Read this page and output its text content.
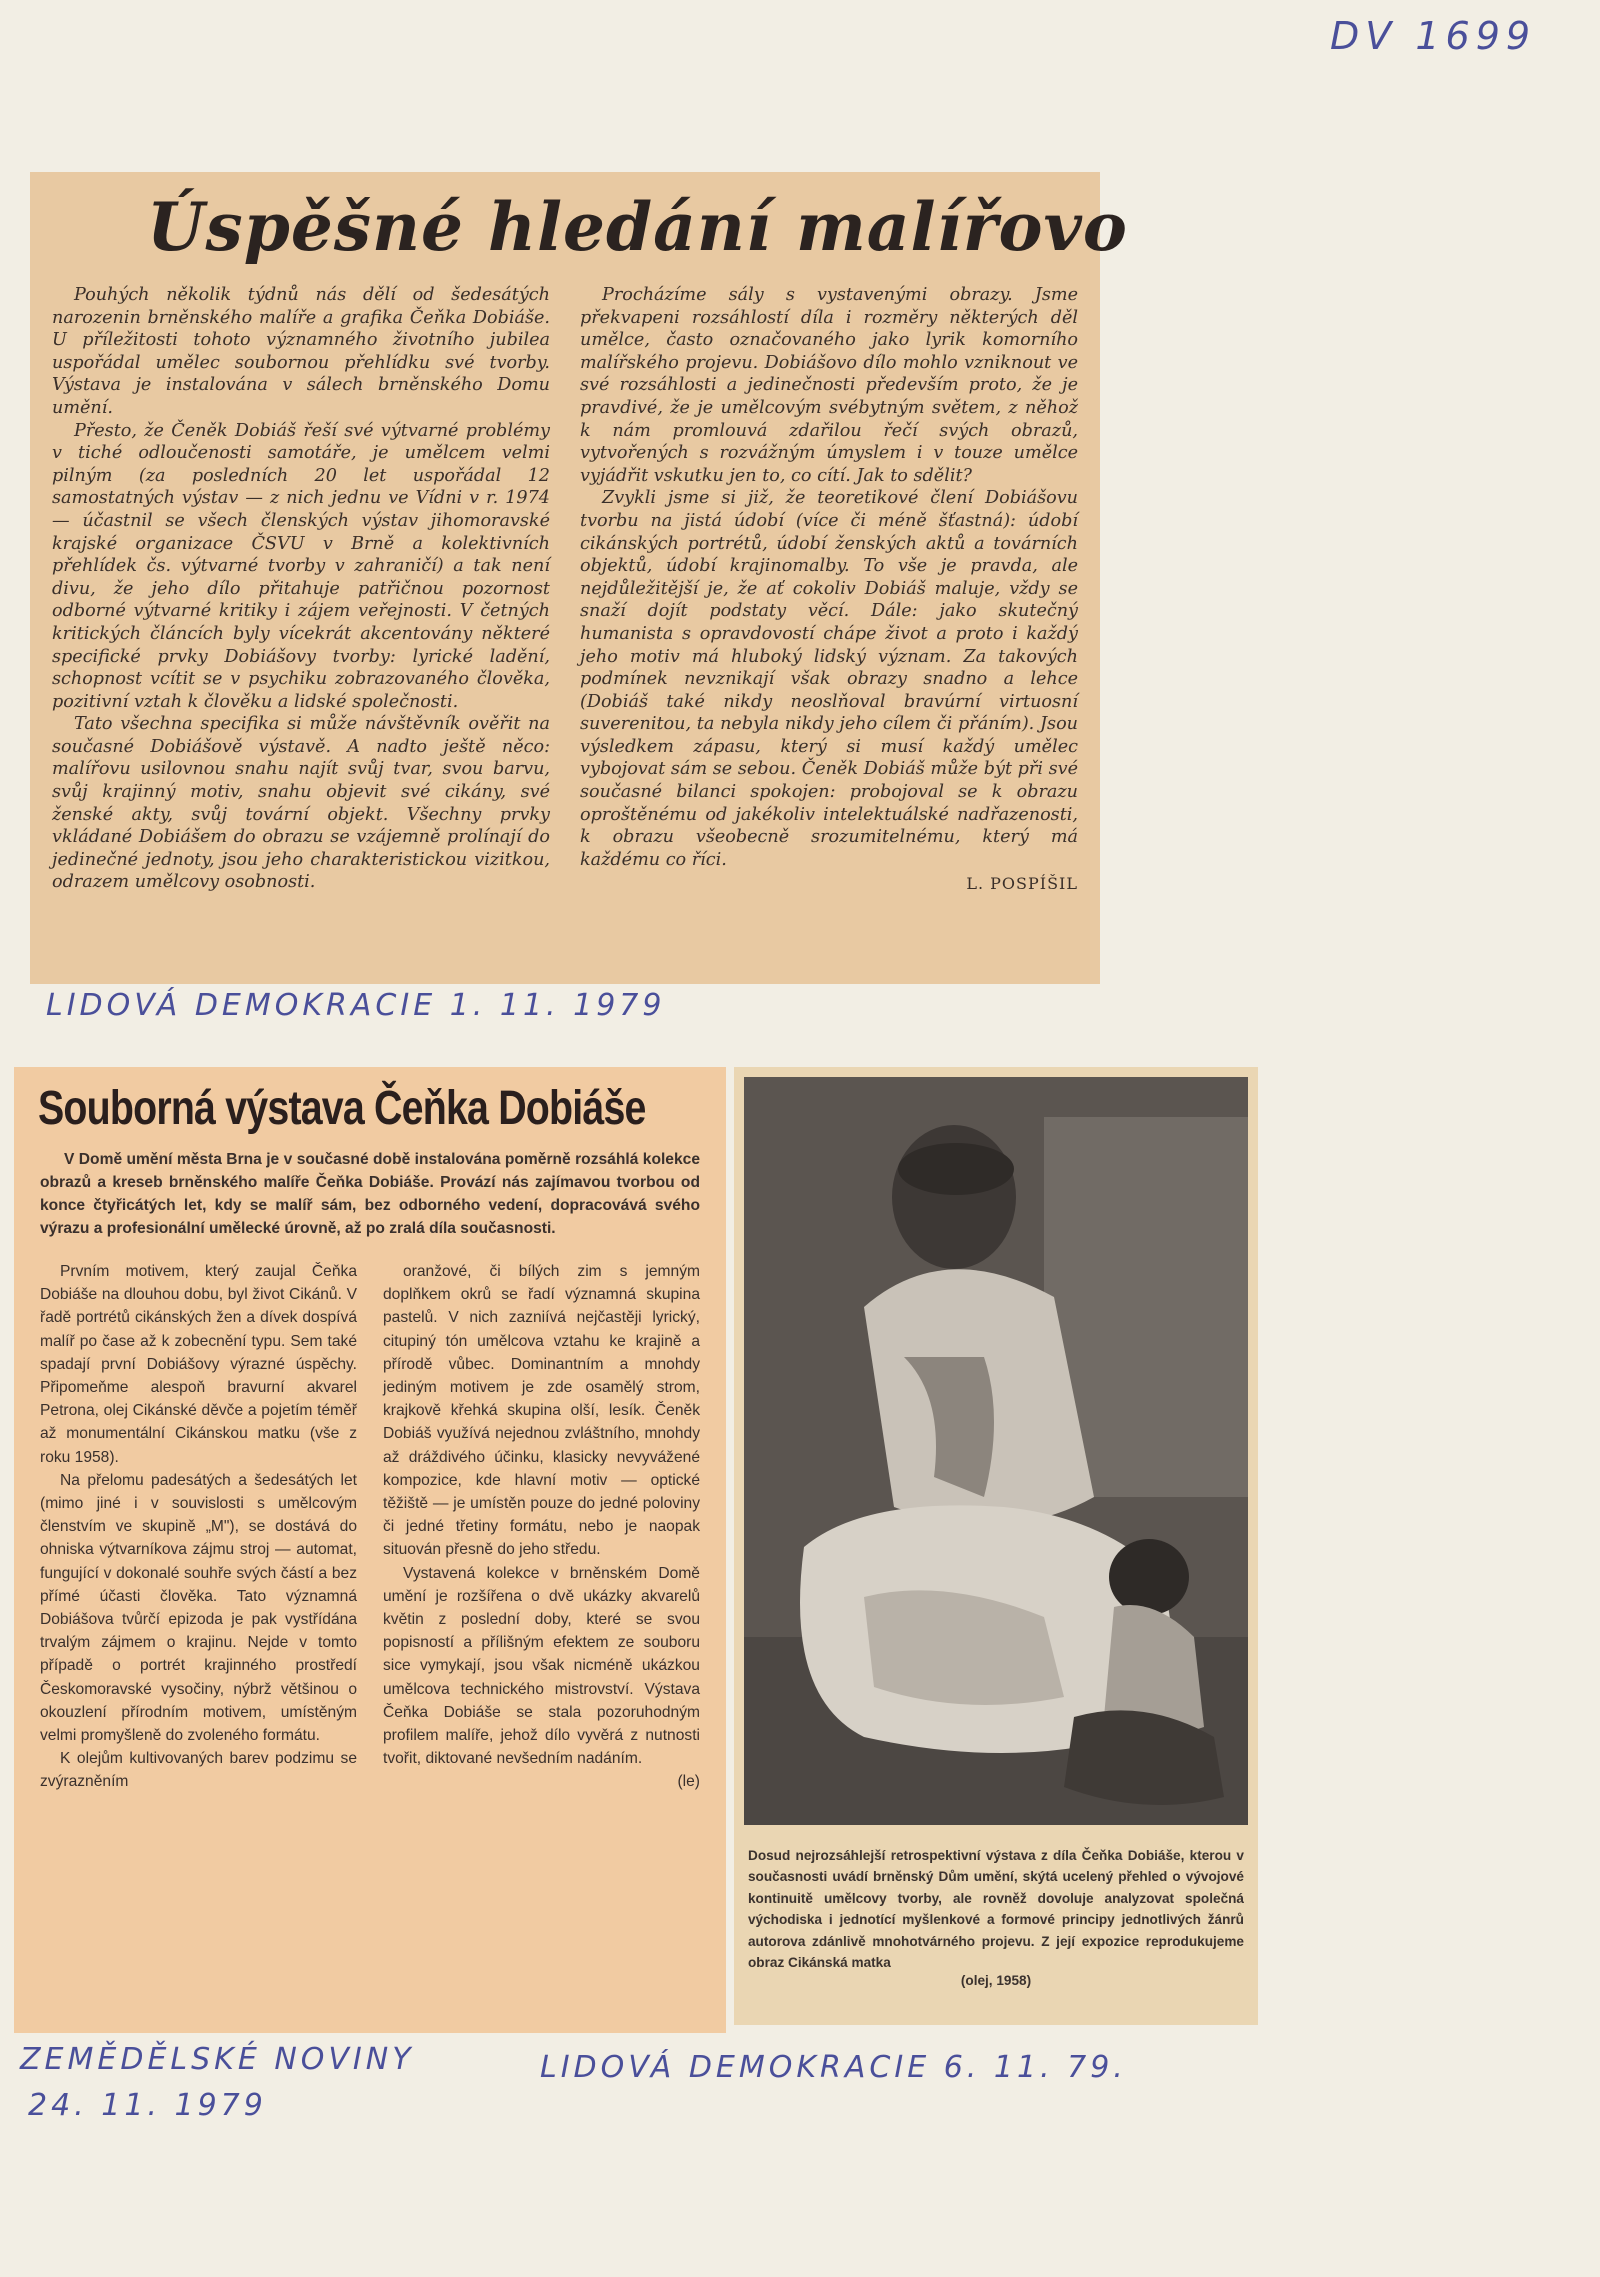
DV 1699
Úspěšné hledání malířovo

Pouhých několik týdnů nás dělí od šedesátých narozenin brněnského malíře a grafika Čeňka Dobiáše. U příležitosti tohoto významného životního jubilea uspořádal umělec soubornou přehlídku své tvorby. Výstava je instalována v sálech brněnského Domu umění.

Přesto, že Čeněk Dobiáš řeší své výtvarné problémy v tiché odloučenosti samotáře, je umělcem velmi pilným (za posledních 20 let uspořádal 12 samostatných výstav — z nich jednu ve Vídni v r. 1974 — účastnil se všech členských výstav jihomoravské krajské organizace ČSVU v Brně a kolektivních přehlídek čs. výtvarné tvorby v zahraničí) a tak není divu, že jeho dílo přitahuje patřičnou pozornost odborné výtvarné kritiky i zájem veřejnosti. V četných kritických článcích byly vícekrát akcentovány některé specifické prvky Dobiášovy tvorby: lyrické ladění, schopnost vcítit se v psychiku zobrazovaného člověka, pozitivní vztah k člověku a lidské společnosti.

Tato všechna specifika si může návštěvník ověřit na současné Dobiášově výstavě. A nadto ještě něco: malířovu usilovnou snahu najít svůj tvar, svou barvu, svůj krajinný motiv, snahu objevit své cikány, své ženské akty, svůj tovární objekt. Všechny prvky vkládané Dobiášem do obrazu se vzájemně prolínají do jedinečné jednoty, jsou jeho charakteristickou vizitkou, odrazem umělcovy osobnosti.

Procházíme sály s vystavenými obrazy. Jsme překvapeni rozsáhlostí díla i rozměry některých děl umělce, často označovaného jako lyrik komorního malířského projevu. Dobiášovo dílo mohlo vzniknout ve své rozsáhlosti a jedinečnosti především proto, že je pravdivé, že je umělcovým svébytným světem, z něhož k nám promlouvá zdařilou řečí svých obrazů, vytvořených s rozvážným úmyslem i v touze umělce vyjádřit vskutku jen to, co cítí. Jak to sdělit?

Zvykli jsme si již, že teoretikové člení Dobiášovu tvorbu na jistá údobí (více či méně šťastná): údobí cikánských portrétů, údobí ženských aktů a továrních objektů, údobí krajinomalby. To vše je pravda, ale nejdůležitější je, že ať cokoliv Dobiáš maluje, vždy se snaží dojít podstaty věcí. Dále: jako skutečný humanista s opravdovostí chápe život a proto i každý jeho motiv má hluboký lidský význam. Za takových podmínek nevznikají však obrazy snadno a lehce (Dobiáš také nikdy neoslňoval bravúrní virtuosní suverenitou, ta nebyla nikdy jeho cílem či přáním). Jsou výsledkem zápasu, který si musí každý umělec vybojovat sám se sebou. Čeněk Dobiáš může být při své současné bilanci spokojen: probojoval se k obrazu oproštěnému od jakékoliv intelektuálské nadřazenosti, k obrazu všeobecně srozumitelnému, který má každému co říci.

L. POSPÍŠIL
LIDOVÁ DEMOKRACIE 1. 11. 1979
Souborná výstava Čeňka Dobiáše

V Domě umění města Brna je v současné době instalována poměrně rozsáhlá kolekce obrazů a kreseb brněnského malíře Čeňka Dobiáše. Provází nás zajímavou tvorbou od konce čtyřicátých let, kdy se malíř sám, bez odborného vedení, dopracovává svého výrazu a profesionální umělecké úrovně, až po zralá díla současnosti.

Prvním motivem, který zaujal Čeňka Dobiáše na dlouhou dobu, byl život Cikánů. V řadě portrétů cikánských žen a dívek dospívá malíř po čase až k zobecnění typu. Sem také spadají první Dobiášovy výrazné úspěchy. Připomeňme alespoň bravurní akvarel Petrona, olej Cikánské děvče a pojetím téměř až monumentální Cikánskou matku (vše z roku 1958).

Na přelomu padesátých a šedesátých let (mimo jiné i v souvislosti s umělcovým členstvím ve skupině „M"), se dostává do ohniska výtvarníkova zájmu stroj — automat, fungující v dokonalé souhře svých částí a bez přímé účasti člověka. Tato významná Dobiášova tvůrčí epizoda je pak vystřídána trvalým zájmem o krajinu. Nejde v tomto případě o portrét krajinného prostředí Českomoravské vysočiny, nýbrž většinou o okouzlení přírodním motivem, umístěným velmi promyšleně do zvoleného formátu.

K olejům kultivovaných barev podzimu se zvýrazněním

oranžové, či bílých zim s jemným doplňkem okrů se řadí významná skupina pastelů. V nich zazniívá nejčastěji lyrický, citupiný tón umělcova vztahu ke krajině a přírodě vůbec. Dominantním a mnohdy jediným motivem je zde osamělý strom, krajkově křehká skupina olší, lesík. Čeněk Dobiáš využívá nejednou zvláštního, mnohdy až dráždivého účinku, klasicky nevyvážené kompozice, kde hlavní motiv — optické těžiště — je umístěn pouze do jedné poloviny či jedné třetiny formátu, nebo je naopak situován přesně do jeho středu.

Vystavená kolekce v brněnském Domě umění je rozšířena o dvě ukázky akvarelů květin z poslední doby, které se svou popisností a přílišným efektem ze souboru sice vymykají, jsou však nicméně ukázkou umělcova technického mistrovství. Výstava Čeňka Dobiáše se stala pozoruhodným profilem malíře, jehož dílo vyvěrá z nutnosti tvořit, diktované nevšedním nadáním.

(le)
Dosud nejrozsáhlejší retrospektivní výstava z díla Čeňka Dobiáše, kterou v současnosti uvádí brněnský Dům umění, skýtá ucelený přehled o vývojové kontinuitě umělcovy tvorby, ale rovněž dovoluje analyzovat společná východiska i jednotící myšlenkové a formové principy jednotlivých žánrů autorova zdánlivě mnohotvárného projevu. Z její expozice reprodukujeme obraz Cikánská matka
(olej, 1958)
ZEMĚDĚLSKÉ NOVINY
24. 11. 1979
LIDOVÁ DEMOKRACIE 6. 11. 79.
